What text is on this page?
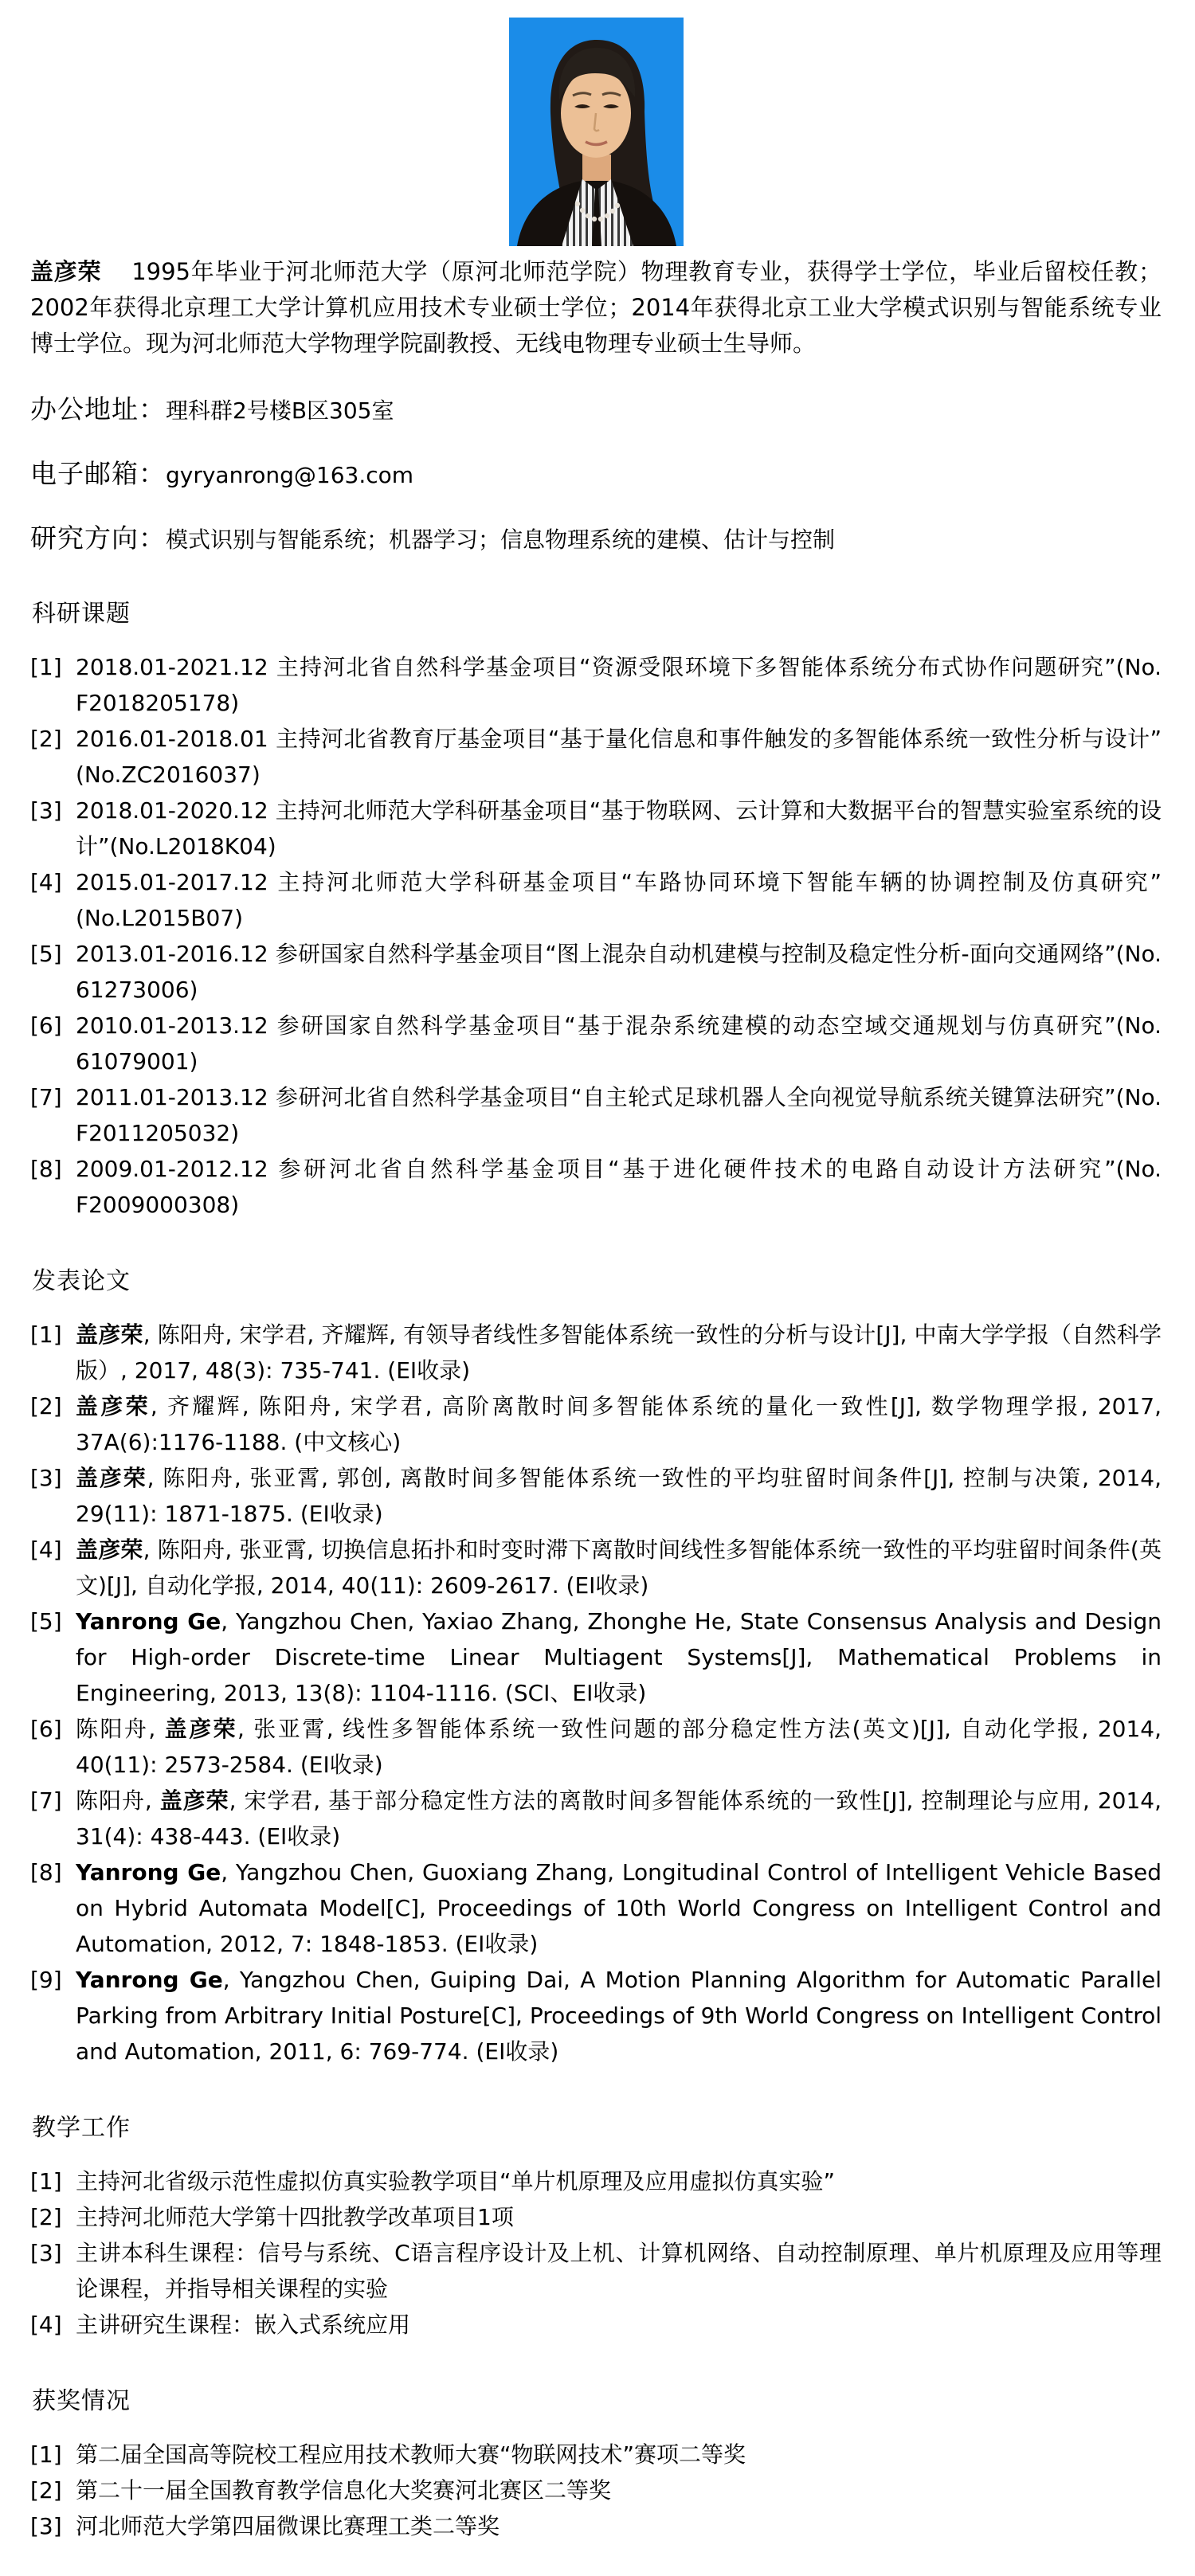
盖彦荣 1995年毕业于河北师范大学（原河北师范学院）物理教育专业，获得学士学位，毕业后留校任教；2002年获得北京理工大学计算机应用技术专业硕士学位；2014年获得北京工业大学模式识别与智能系统专业博士学位。现为河北师范大学物理学院副教授、无线电物理专业硕士生导师。

办公地址：理科群2号楼B区305室
电子邮箱：gyryanrong@163.com
研究方向：模式识别与智能系统；机器学习；信息物理系统的建模、估计与控制
科研课题
[1] 2018.01-2021.12 主持河北省自然科学基金项目“资源受限环境下多智能体系统分布式协作问题研究”(No. F2018205178)
[2] 2016.01-2018.01 主持河北省教育厅基金项目“基于量化信息和事件触发的多智能体系统一致性分析与设计”(No.ZC2016037)
[3] 2018.01-2020.12 主持河北师范大学科研基金项目“基于物联网、云计算和大数据平台的智慧实验室系统的设计”(No.L2018K04)
[4] 2015.01-2017.12 主持河北师范大学科研基金项目“车路协同环境下智能车辆的协调控制及仿真研究”(No.L2015B07)
[5] 2013.01-2016.12 参研国家自然科学基金项目“图上混杂自动机建模与控制及稳定性分析-面向交通网络”(No. 61273006)
[6] 2010.01-2013.12 参研国家自然科学基金项目“基于混杂系统建模的动态空域交通规划与仿真研究”(No. 61079001)
[7] 2011.01-2013.12 参研河北省自然科学基金项目“自主轮式足球机器人全向视觉导航系统关键算法研究”(No. F2011205032)
[8] 2009.01-2012.12 参研河北省自然科学基金项目“基于进化硬件技术的电路自动设计方法研究”(No. F2009000308)
发表论文
[1] 盖彦荣, 陈阳舟, 宋学君, 齐耀辉, 有领导者线性多智能体系统一致性的分析与设计[J], 中南大学学报（自然科学版）, 2017, 48(3): 735-741. (EI收录)
[2] 盖彦荣, 齐耀辉, 陈阳舟, 宋学君, 高阶离散时间多智能体系统的量化一致性[J], 数学物理学报, 2017, 37A(6):1176-1188. (中文核心)
[3] 盖彦荣, 陈阳舟, 张亚霄, 郭创, 离散时间多智能体系统一致性的平均驻留时间条件[J], 控制与决策, 2014, 29(11): 1871-1875. (EI收录)
[4] 盖彦荣, 陈阳舟, 张亚霄, 切换信息拓扑和时变时滞下离散时间线性多智能体系统一致性的平均驻留时间条件(英文)[J], 自动化学报, 2014, 40(11): 2609-2617. (EI收录)
[5] Yanrong Ge, Yangzhou Chen, Yaxiao Zhang, Zhonghe He, State Consensus Analysis and Design for High-order Discrete-time Linear Multiagent Systems[J], Mathematical Problems in Engineering, 2013, 13(8): 1104-1116. (SCI、EI收录)
[6] 陈阳舟, 盖彦荣, 张亚霄, 线性多智能体系统一致性问题的部分稳定性方法(英文)[J], 自动化学报, 2014, 40(11): 2573-2584. (EI收录)
[7] 陈阳舟, 盖彦荣, 宋学君, 基于部分稳定性方法的离散时间多智能体系统的一致性[J], 控制理论与应用, 2014, 31(4): 438-443. (EI收录)
[8] Yanrong Ge, Yangzhou Chen, Guoxiang Zhang, Longitudinal Control of Intelligent Vehicle Based on Hybrid Automata Model[C], Proceedings of 10th World Congress on Intelligent Control and Automation, 2012, 7: 1848-1853. (EI收录)
[9] Yanrong Ge, Yangzhou Chen, Guiping Dai, A Motion Planning Algorithm for Automatic Parallel Parking from Arbitrary Initial Posture[C], Proceedings of 9th World Congress on Intelligent Control and Automation, 2011, 6: 769-774. (EI收录)
教学工作
[1] 主持河北省级示范性虚拟仿真实验教学项目“单片机原理及应用虚拟仿真实验”
[2] 主持河北师范大学第十四批教学改革项目1项
[3] 主讲本科生课程：信号与系统、C语言程序设计及上机、计算机网络、自动控制原理、单片机原理及应用等理论课程，并指导相关课程的实验
[4] 主讲研究生课程：嵌入式系统应用
获奖情况
[1] 第二届全国高等院校工程应用技术教师大赛“物联网技术”赛项二等奖
[2] 第二十一届全国教育教学信息化大奖赛河北赛区二等奖
[3] 河北师范大学第四届微课比赛理工类二等奖
